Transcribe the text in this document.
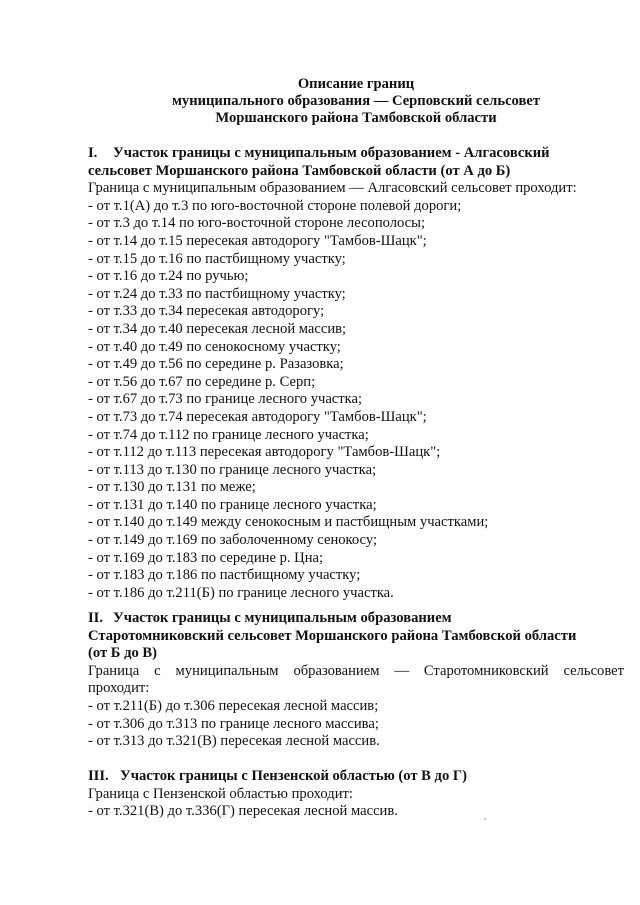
Описание границ
муниципального образования — Серповский сельсовет
Моршанского района Тамбовской области
I. Участок границы с муниципальным образованием - Алгасовский
сельсовет Моршанского района Тамбовской области (от А до Б)
Граница с муниципальным образованием — Алгасовский сельсовет проходит:
- от т.1(А) до т.3 по юго-восточной стороне полевой дороги;
- от т.3 до т.14 по юго-восточной стороне лесополосы;
- от т.14 до т.15 пересекая автодорогу "Тамбов-Шацк";
- от т.15 до т.16 по пастбищному участку;
- от т.16 до т.24 по ручью;
- от т.24 до т.33 по пастбищному участку;
- от т.33 до т.34 пересекая автодорогу;
- от т.34 до т.40 пересекая лесной массив;
- от т.40 до т.49 по сенокосному участку;
- от т.49 до т.56 по середине р. Разазовка;
- от т.56 до т.67 по середине р. Серп;
- от т.67 до т.73 по границе лесного участка;
- от т.73 до т.74 пересекая автодорогу "Тамбов-Шацк";
- от т.74 до т.112 по границе лесного участка;
- от т.112 до т.113 пересекая автодорогу "Тамбов-Шацк";
- от т.113 до т.130 по границе лесного участка;
- от т.130 до т.131 по меже;
- от т.131 до т.140 по границе лесного участка;
- от т.140 до т.149 между сенокосным и пастбищным участками;
- от т.149 до т.169 по заболоченному сенокосу;
- от т.169 до т.183 по середине р. Цна;
- от т.183 до т.186 по пастбищному участку;
- от т.186 до т.211(Б) по границе лесного участка.
II. Участок границы с муниципальным образованием
Старотомниковский сельсовет Моршанского района Тамбовской области
(от Б до В)
Граница с муниципальным образованием — Старотомниковский сельсовет
проходит:
- от т.211(Б) до т.306 пересекая лесной массив;
- от т.306 до т.313 по границе лесного массива;
- от т.313 до т.321(В) пересекая лесной массив.
III. Участок границы с Пензенской областью (от В до Г)
Граница с Пензенской областью проходит:
- от т.321(В) до т.336(Г) пересекая лесной массив.
